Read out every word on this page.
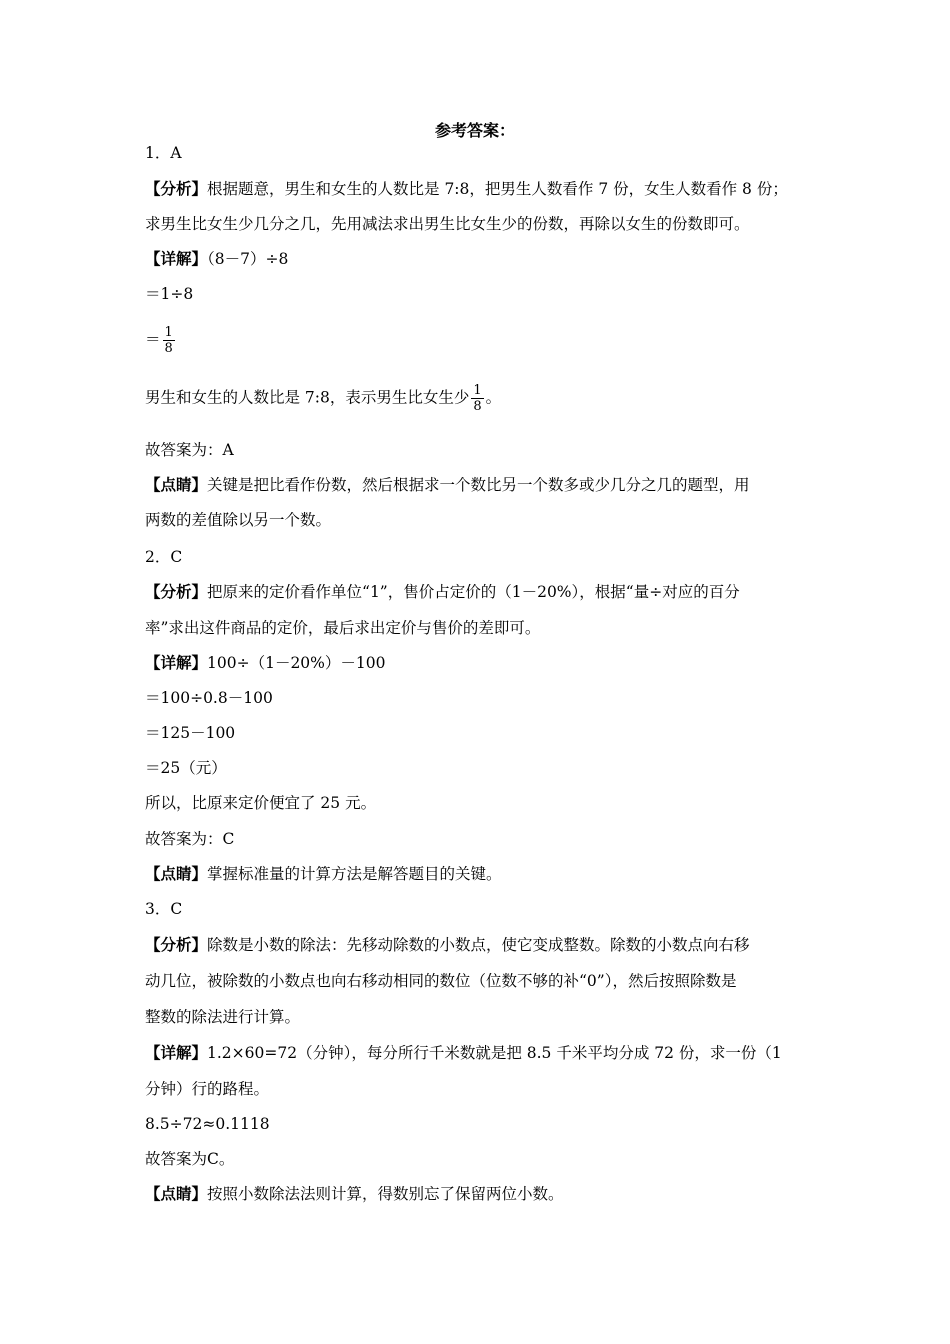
参考答案：
1．A
【分析】根据题意，男生和女生的人数比是 7:8，把男生人数看作 7 份，女生人数看作 8 份；
求男生比女生少几分之几，先用减法求出男生比女生少的份数，再除以女生的份数即可。
【详解】（8－7）÷8
＝1÷8
＝ $\frac{1}{8}$
男生和女生的人数比是 7:8，表示男生比女生少 $\frac{1}{8}$ 。
故答案为：A
【点睛】关键是把比看作份数，然后根据求一个数比另一个数多或少几分之几的题型，用
两数的差值除以另一个数。
2．C
【分析】把原来的定价看作单位“1”，售价占定价的（1－20%），根据“量÷对应的百分
率”求出这件商品的定价，最后求出定价与售价的差即可。
【详解】100÷（1－20%）－100
＝100÷0.8－100
＝125－100
＝25（元）
所以，比原来定价便宜了 25 元。
故答案为：C
【点睛】掌握标准量的计算方法是解答题目的关键。
3．C
【分析】除数是小数的除法：先移动除数的小数点，使它变成整数。除数的小数点向右移
动几位，被除数的小数点也向右移动相同的数位（位数不够的补“0”），然后按照除数是
整数的除法进行计算。
【详解】1.2×60=72（分钟），每分所行千米数就是把 8.5 千米平均分成 72 份，求一份（1
分钟）行的路程。
8.5÷72≈0.1118
故答案为C。
【点睛】按照小数除法法则计算，得数别忘了保留两位小数。
